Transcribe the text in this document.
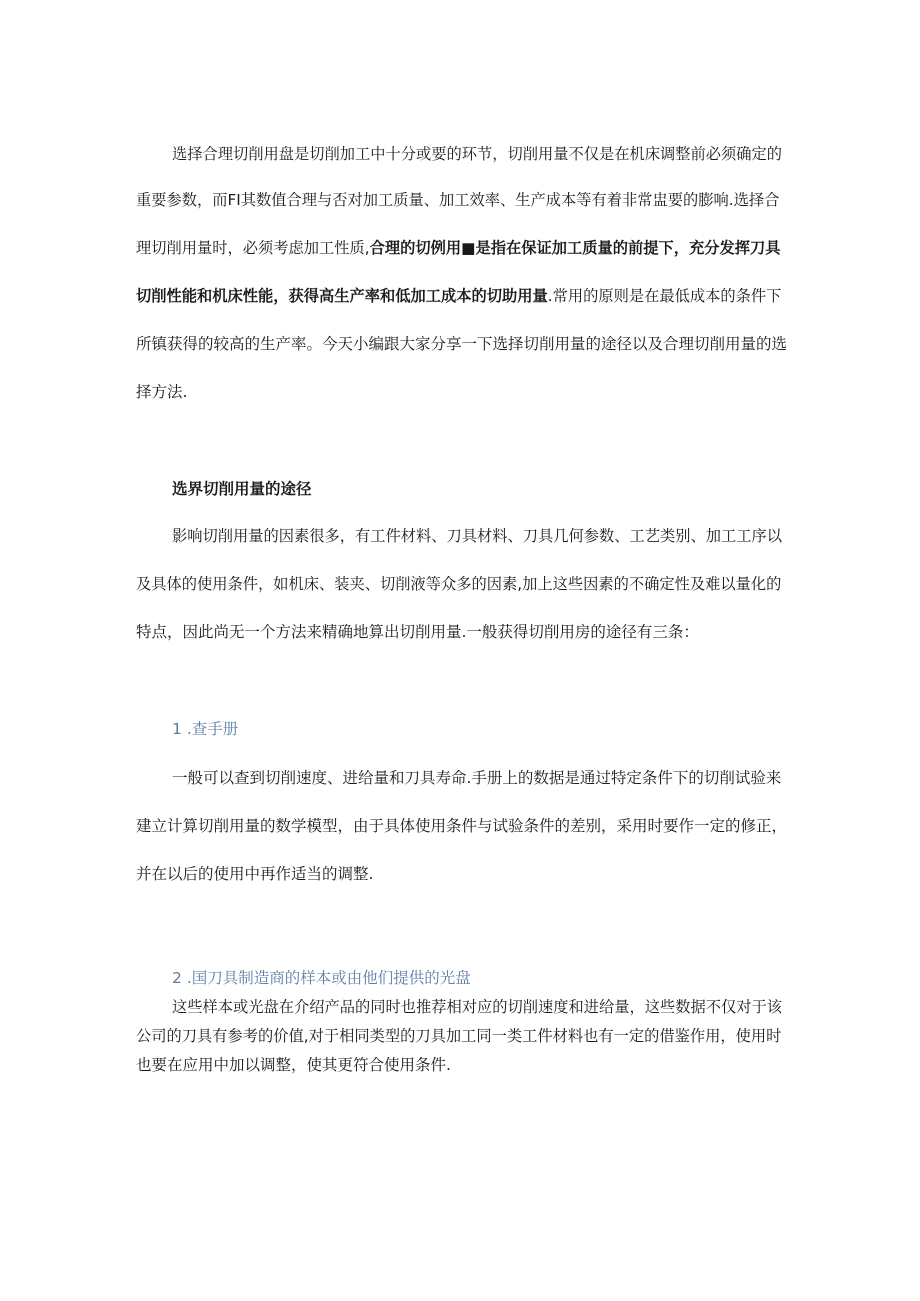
选择合理切削用盘是切削加工中十分或要的环节，切削用量不仅是在机床调整前必须确定的
重要参数，而FI其数值合理与否对加工质量、加工效率、生产成本等有着非常盅要的膨响.选择合
理切削用量时，必须考虑加工性质,合理的切例用■是指在保证加工质量的前提下，充分发挥刀具
切削性能和机床性能，获得高生产率和低加工成本的切助用量.常用的原则是在最低成本的条件下
所镇获得的较高的生产率。今天小编跟大家分享一下选择切削用量的途径以及合理切削用量的选
择方法.
选界切削用量的途径
影响切削用量的因素很多，有工件材料、刀具材料、刀具几何参数、工艺类别、加工工序以
及具体的使用条件，如机床、装夹、切削液等众多的因素,加上这些因素的不确定性及难以量化的
特点，因此尚无一个方法来精确地算出切削用量.一般获得切削用房的途径有三条：
1 .查手册
一般可以查到切削速度、进给量和刀具寿命.手册上的数据是通过特定条件下的切削试验来
建立计算切削用量的数学模型，由于具体使用条件与试验条件的差别，采用时要作一定的修正，
并在以后的使用中再作适当的调整.
2 .国刀具制造商的样本或由他们提供的光盘
这些样本或光盘在介绍产品的同时也推荐相对应的切削速度和进给量，这些数据不仅对于该
公司的刀具有参考的价值,对于相同类型的刀具加工同一类工件材料也有一定的借鉴作用，使用时
也要在应用中加以调整，使其更符合使用条件.
